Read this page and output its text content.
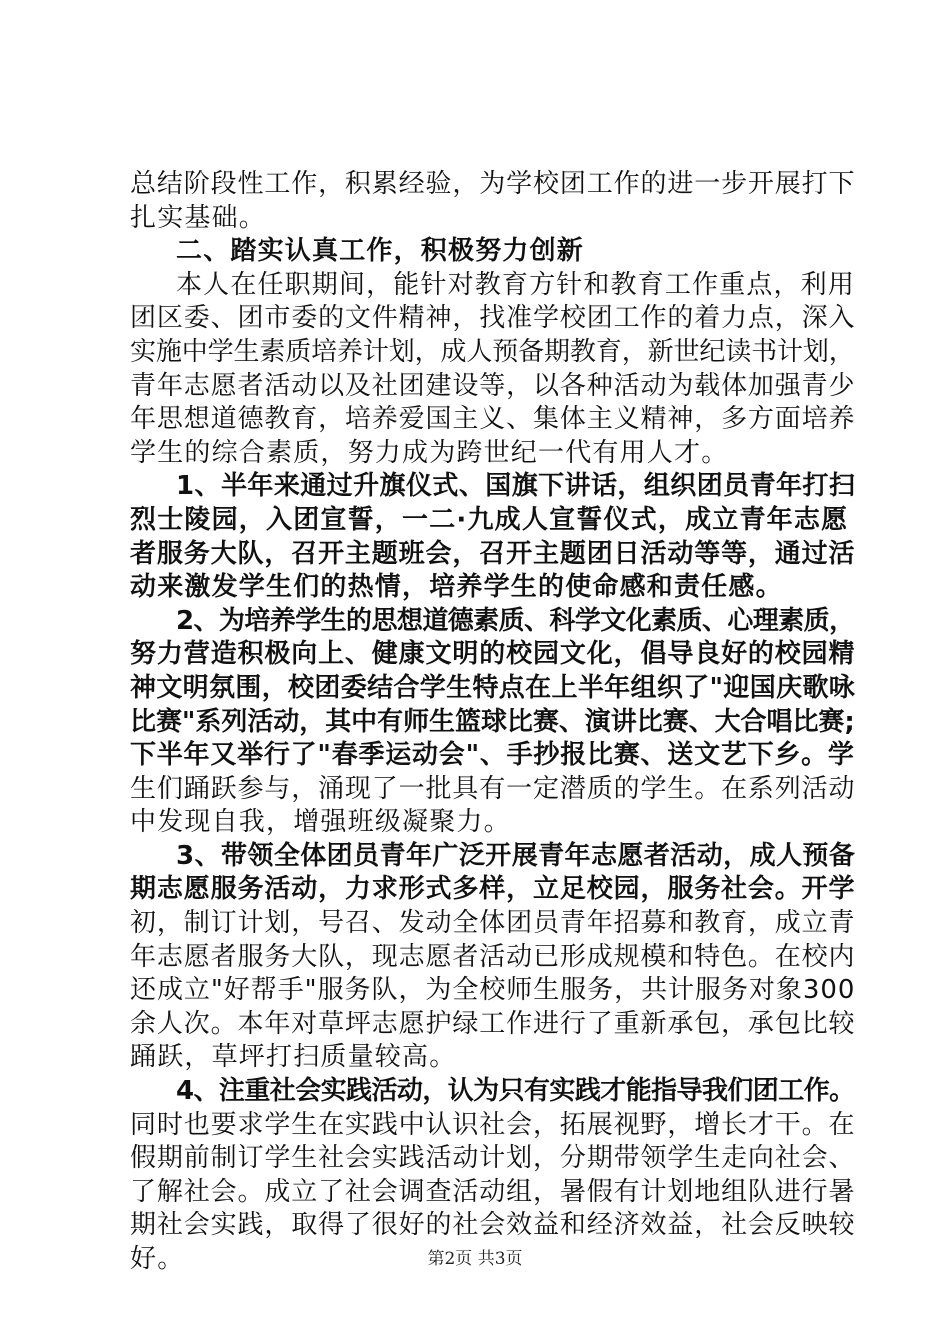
总结阶段性工作，积累经验，为学校团工作的进一步开展打下
扎实基础。
二、踏实认真工作，积极努力创新
本人在任职期间，能针对教育方针和教育工作重点，利用
团区委、团市委的文件精神，找准学校团工作的着力点，深入
实施中学生素质培养计划，成人预备期教育，新世纪读书计划，
青年志愿者活动以及社团建设等，以各种活动为载体加强青少
年思想道德教育，培养爱国主义、集体主义精神，多方面培养
学生的综合素质，努力成为跨世纪一代有用人才。
1、半年来通过升旗仪式、国旗下讲话，组织团员青年打扫
烈士陵园，入团宣誓，一二·九成人宣誓仪式，成立青年志愿
者服务大队，召开主题班会，召开主题团日活动等等，通过活
动来激发学生们的热情，培养学生的使命感和责任感。
2、为培养学生的思想道德素质、科学文化素质、心理素质，
努力营造积极向上、健康文明的校园文化，倡导良好的校园精
神文明氛围，校团委结合学生特点在上半年组织了"迎国庆歌咏
比赛"系列活动，其中有师生篮球比赛、演讲比赛、大合唱比赛;
下半年又举行了"春季运动会"、手抄报比赛、送文艺下乡。学
生们踊跃参与，涌现了一批具有一定潜质的学生。在系列活动
中发现自我，增强班级凝聚力。
3、带领全体团员青年广泛开展青年志愿者活动，成人预备
期志愿服务活动，力求形式多样，立足校园，服务社会。开学
初，制订计划，号召、发动全体团员青年招募和教育，成立青
年志愿者服务大队，现志愿者活动已形成规模和特色。在校内
还成立"好帮手"服务队，为全校师生服务，共计服务对象300
余人次。本年对草坪志愿护绿工作进行了重新承包，承包比较
踊跃，草坪打扫质量较高。
4、注重社会实践活动，认为只有实践才能指导我们团工作。
同时也要求学生在实践中认识社会，拓展视野，增长才干。在
假期前制订学生社会实践活动计划，分期带领学生走向社会、
了解社会。成立了社会调查活动组，暑假有计划地组队进行暑
期社会实践，取得了很好的社会效益和经济效益，社会反映较
好。	第2页 共3页
